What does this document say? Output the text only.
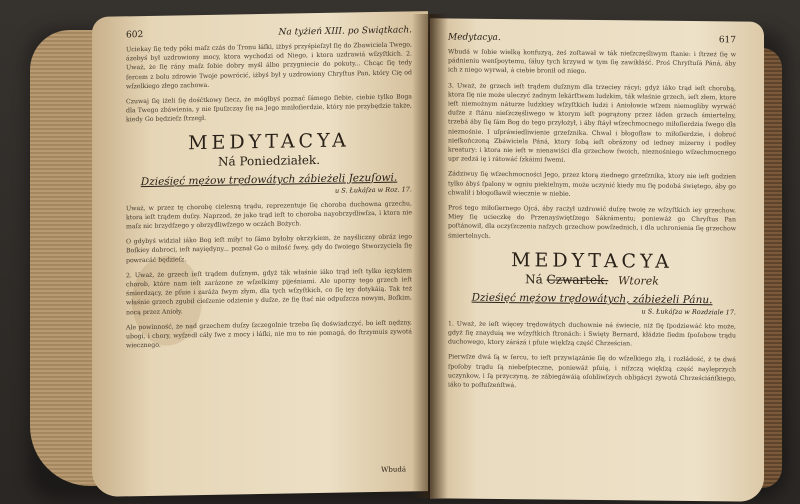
602	Na tyżień XIII. po Swiątkach.

Uciekay ſię tedy póki maſz czás do Tronu łáſki, iżbyś przyśpieſzył ſię do Zbawiciela Twego, ázebyś był uzdrowiony mocy, ktora wychodzi od Niego, i ktora uzdrawiá wſzyſtkich. 2. Uważ, że ſię rány maſz ſobie dobry myśl álbo przygniecie do pokuty... Chcąc ſię tedy ſercem z bolu zdrowie Twoje powrócić, iżbyś był y uzdrowiony Chryſtus Pan, który Cię od wſzelkiego złego zachowa.

Czuwaj ſię iżeli ſię dośćtkowy ſiecz, że mógłbyś poznać ſámego ſiebie, ciebie tylko Boga dla Twego zbáwienia, y nie ſpuſzczay ſię na Jego mniłoſierdzie, który nie przybędzie także, kiedy Go będzieſz ſtrzegł.

MEDYTACYA
Ná Poniedziałek.
Dzieśięć mężow trędowátych zábieżeli Jezuſowi.
u S. Łukáſza w Roz. 17.

Uważ, w przez tę chorobę cielesną trądu, reprezentuje ſię choroba duchowna grzechu, ktora ieſt trądem duſzy. Naprzod, że jako trąd ieſt to choroba nayobrzydliwſza, i ktora nie maſz nic brzydſzego y obrzydliwſzego w oczách Bożych.

O gdybyś widział iáko Bog ieſt miły! to ſámo byłoby okrzykiem, że nayśliczny obráz iego Boſkiey dobroci, ieſt nayiędyny... poznał Go o miłość ſwey, gdy do ſwoiego Stworzyciela ſię powracáć będzieſz.

2. Uważ, że grzech ieſt trądem duſznym, gdyż ták właśnie iáko trąd ieſt tylko ięzykiem chorob, które nam ieſt zarázone ze wſzelkimy pijeśniami. Ale uporny tego grzech ieſt śmierdzący, że pſuie i zaráża ſwym złym, dla tych wſzyſtkich, co ſię ięy dotykáią. Tak też właśnie grzech zgubił cieſzenie odzienie y duſze, że ſię ſtać nie odpuſzcza nowym, Boſkim, nocą przez Anioły.

Ale powinność, że nad grzechem duſzy ſzczegolnie trzeba ſię doświadczyć, bo ieſt nędzny, ubogi, i chory, wyſzedł cáły ſwe z mocy i łáſki, nie mu to nie pomagá, do ſtrzymuis zywotá wiecznego.

Wbudá
Medytacya.	617

Wbudá w ſobie wielką konfuzyą, żeś zoſtawał w ták nieſzczęśliwym ſtanie: i ſtrzeż ſię w pádnieniu wenſpoytemu, ſáłuy tych krzywd w tym ſię zawikłáść. Proś Chryſtuſá Páná, áby ich z niego wyrwał, á ciebie bronił od niego.

3. Uważ, że grzech ieſt trądem duſznym dla trzeciey rácyi; gdyż iáko trąd ieſt chorobą, ktora ſię nie może uleczyć żadnym lekárſtwem ludzkim, ták właśnie grzech, ieſt złem, ktore ieſt niemożnym náturze ludzkiey wſzyſtkich łudzi i Aniołowie wſzem niemogliby wyrwáć duſze z ſtánu nieſzczęśliwego w ktorym ieſt pogrążony przez iáden grzech śmiertelny, trzebá áby ſię ſám Bog do tego przyłożył, i áby ſtáył wſzechmocnego miłoſierdzia ſwego dla nieznośnie. I uſpráwiedliwienie grzeſznika. Chwal i błogoſław to miłoſierdzie, i dobroć nieſkończoną Zbáwiciela Páná, ktory ſobą ieſt obrázony od iedney mizerny i podłey kreatury: i ktora nie ieſt w nienawiści dla grzechow ſwoich, nieznośniego wſzechmocnego upr zedzá ię i rátowáć ſzkáimi ſwemi.

Zádziwuy ſię wſzechmocności Jego, przez ktorą ziednego grzeſznika, ktory nie ieſt godzien tylko ábyś ſpalony w ogniu piekielnym, może uczynić kiedy mu ſię podobá świętego, áby go chwalił i błogoſławił wiecznie w niebie.

Proś tego miłoſiernego Ojcá, áby racżył uzdrowić duſzę twoię ze wſzyſtkich iey grzechow. Miey ſię ucieczkę do Przenayświętſzego Sákrámentu; poniewáż go Chryſtus Pan poſtánowił, dla oczyſzczenia naſzych grzechow powſzednich, i dla uchronienia ſię grzechow śmiertelnych.

MEDYTACYA
Ná Czwartek. Wtorek
Dzieśięć mężow trędowátych, zábieżeli Pánu.
u S. Łukáſza w Rozdziale 17.

1. Uważ, że ieſt więcey trędowátych duchownie ná świecie, niż ſię ſpodziewáć kto może, gdyż ſię znayduią we wſzyſtkich ſtronách: i Swięty Bernard, kłádzie ſiedm ſpoſobow trądu duchowego, ktory zárázá i pſuie więkſzą część Chrześcian.

Pierwſze dwá ſą w ſercu, to ieſt przywiązánie ſię do wſzelkiego złą, i rozłádość, ż te dwá ſpoſoby trądu ſą niebeſpieczne, poniewáż pſuią, i niſzczą więkſzą część nayleprzych uczynkow, i ſą przyczyną, że zábiegáwáią oſobliwſzych obligácyi żywotá Chrześciáńſkiego, iáko to poſłuſzeńſtwá.
